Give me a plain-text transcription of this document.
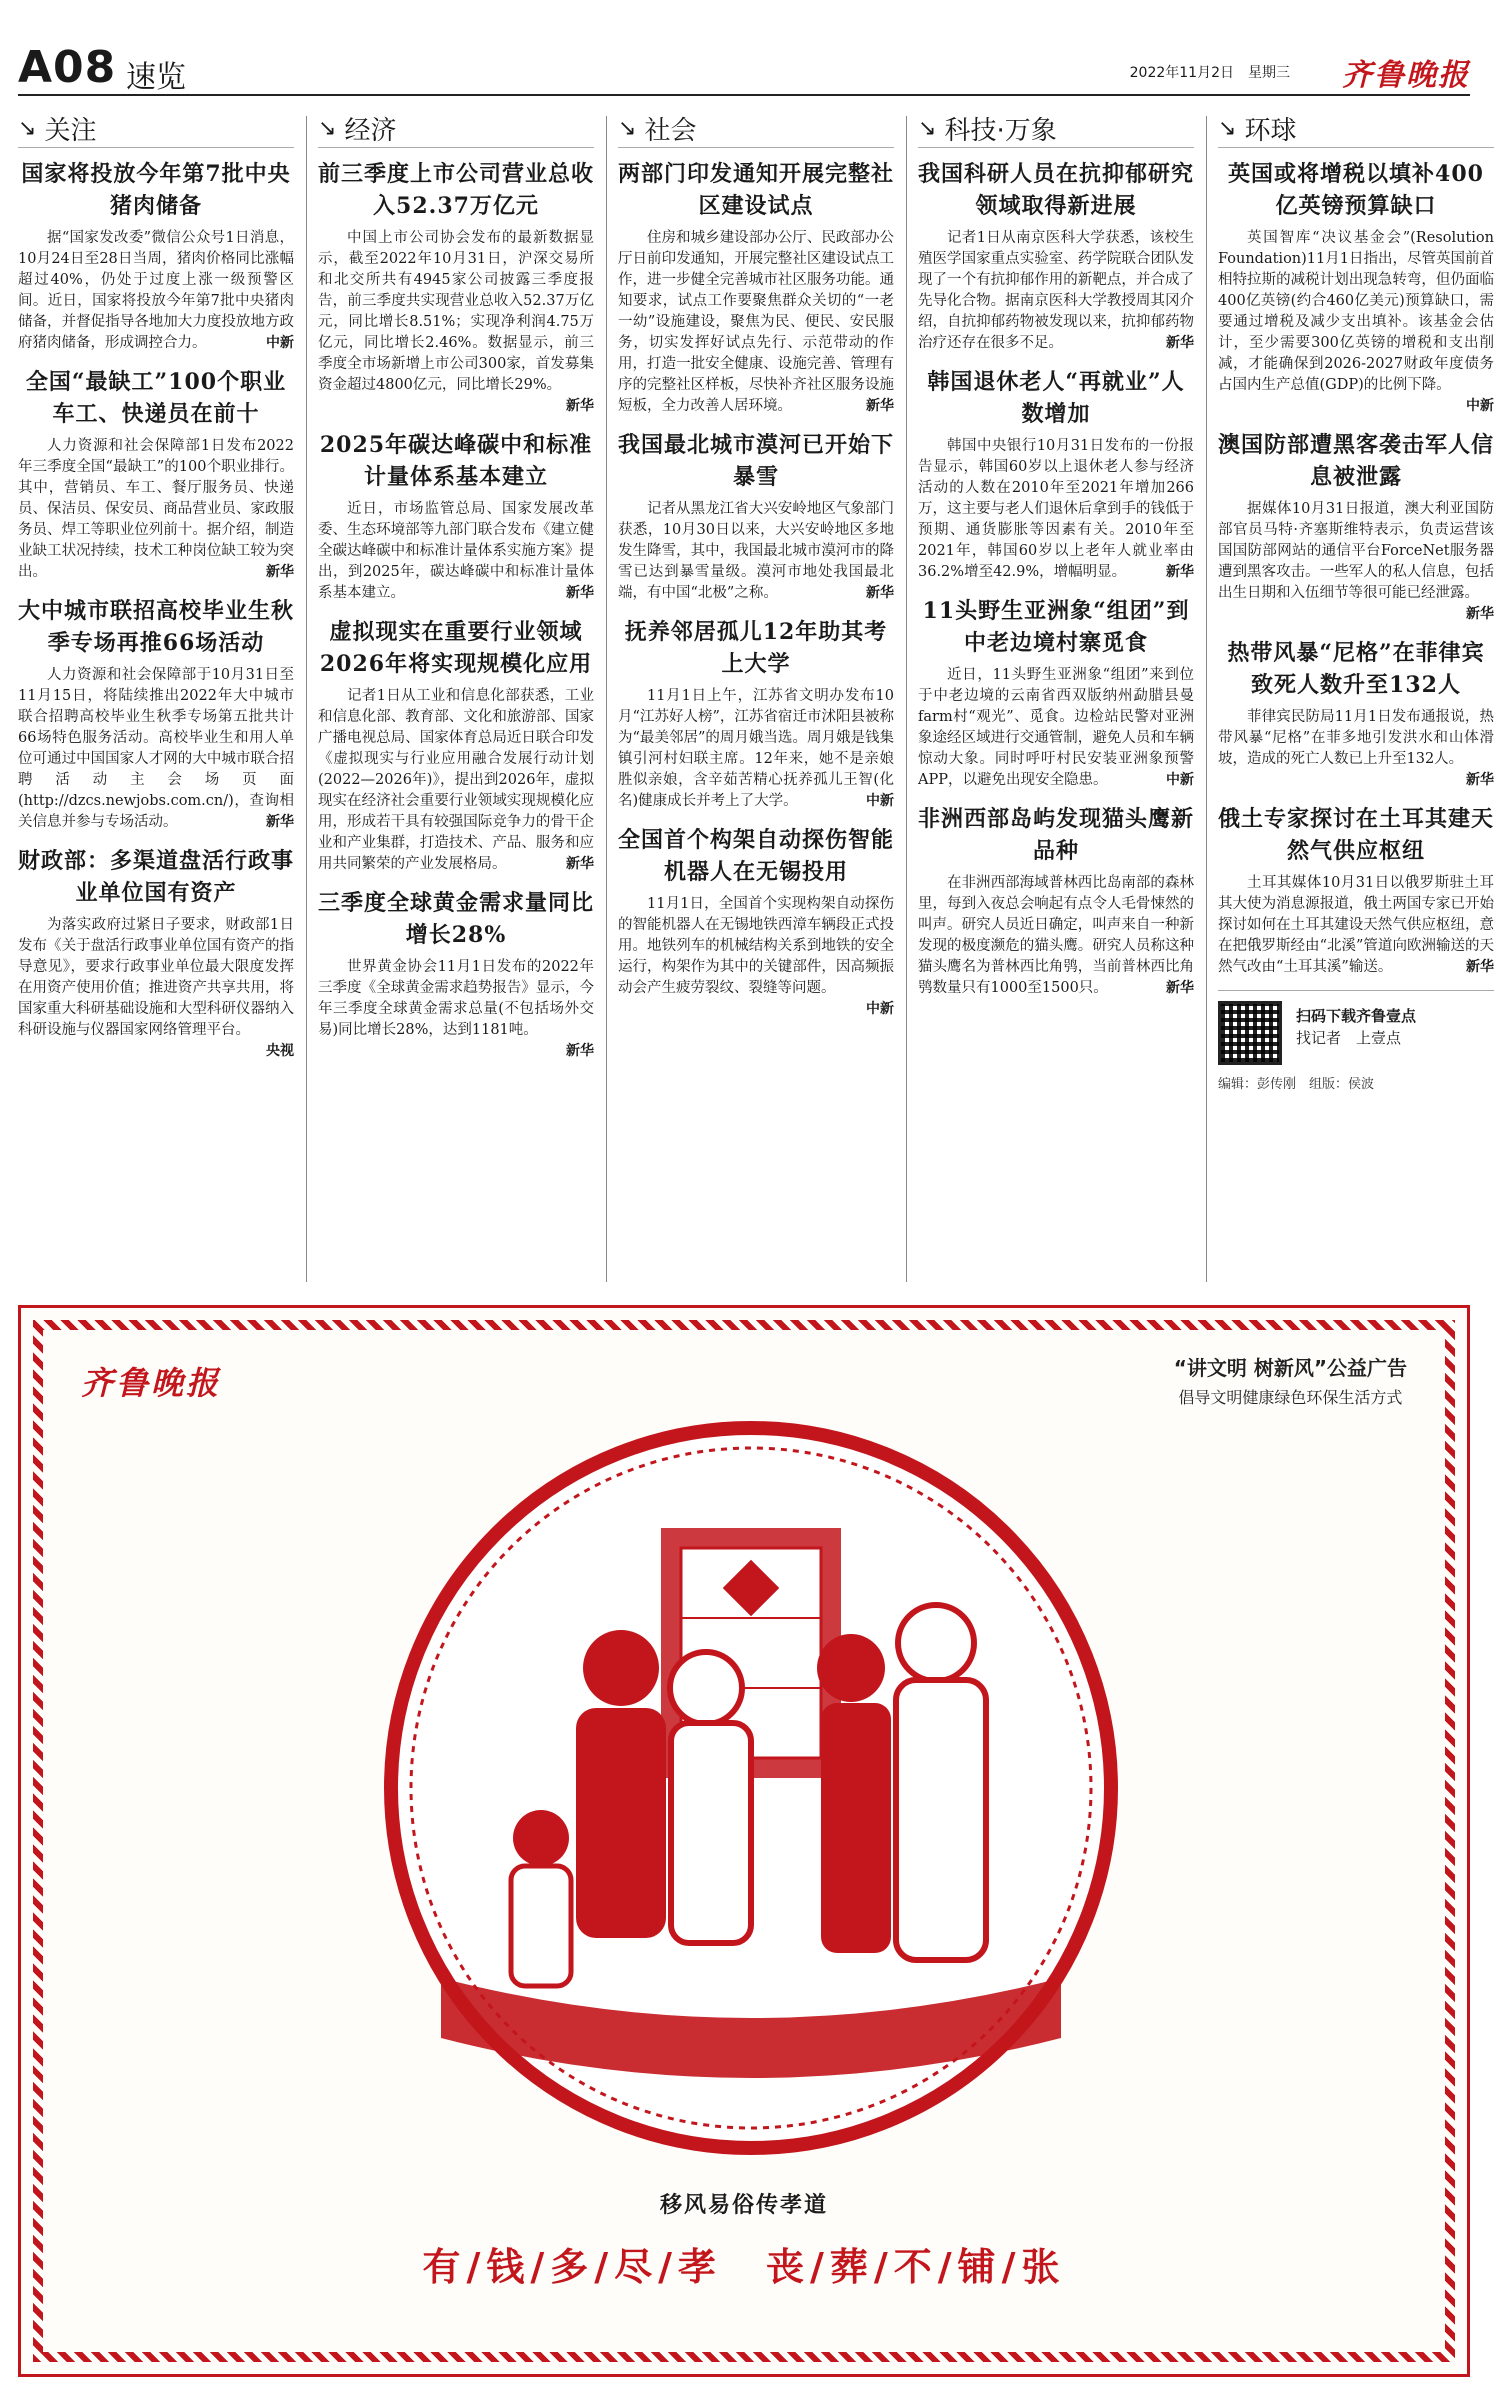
A08 速览	2022年11月2日　星期三 齐鲁晚报
↘ 关注
国家将投放今年第7批中央猪肉储备

据“国家发改委”微信公众号1日消息，10月24日至28日当周，猪肉价格同比涨幅超过40%，仍处于过度上涨一级预警区间。近日，国家将投放今年第7批中央猪肉储备，并督促指导各地加大力度投放地方政府猪肉储备，形成调控合力。	中新

全国“最缺工”100个职业 车工、快递员在前十

人力资源和社会保障部1日发布2022年三季度全国“最缺工”的100个职业排行。其中，营销员、车工、餐厅服务员、快递员、保洁员、保安员、商品营业员、家政服务员、焊工等职业位列前十。据介绍，制造业缺工状况持续，技术工种岗位缺工较为突出。	新华

大中城市联招高校毕业生秋季专场再推66场活动

人力资源和社会保障部于10月31日至11月15日，将陆续推出2022年大中城市联合招聘高校毕业生秋季专场第五批共计66场特色服务活动。高校毕业生和用人单位可通过中国国家人才网的大中城市联合招聘活动主会场页面(http://dzcs.newjobs.com.cn/)，查询相关信息并参与专场活动。	新华

财政部：多渠道盘活行政事业单位国有资产

为落实政府过紧日子要求，财政部1日发布《关于盘活行政事业单位国有资产的指导意见》，要求行政事业单位最大限度发挥在用资产使用价值；推进资产共享共用，将国家重大科研基础设施和大型科研仪器纳入科研设施与仪器国家网络管理平台。
央视

↘ 经济
前三季度上市公司营业总收入52.37万亿元

中国上市公司协会发布的最新数据显示，截至2022年10月31日，沪深交易所和北交所共有4945家公司披露三季度报告，前三季度共实现营业总收入52.37万亿元，同比增长8.51%；实现净利润4.75万亿元，同比增长2.46%。数据显示，前三季度全市场新增上市公司300家，首发募集资金超过4800亿元，同比增长29%。
新华

2025年碳达峰碳中和标准计量体系基本建立

近日，市场监管总局、国家发展改革委、生态环境部等九部门联合发布《建立健全碳达峰碳中和标准计量体系实施方案》提出，到2025年，碳达峰碳中和标准计量体系基本建立。	新华

虚拟现实在重要行业领域2026年将实现规模化应用

记者1日从工业和信息化部获悉，工业和信息化部、教育部、文化和旅游部、国家广播电视总局、国家体育总局近日联合印发《虚拟现实与行业应用融合发展行动计划(2022—2026年)》，提出到2026年，虚拟现实在经济社会重要行业领域实现规模化应用，形成若干具有较强国际竞争力的骨干企业和产业集群，打造技术、产品、服务和应用共同繁荣的产业发展格局。	新华

三季度全球黄金需求量同比增长28%

世界黄金协会11月1日发布的2022年三季度《全球黄金需求趋势报告》显示，今年三季度全球黄金需求总量(不包括场外交易)同比增长28%，达到1181吨。
新华

↘ 社会
两部门印发通知开展完整社区建设试点

住房和城乡建设部办公厅、民政部办公厅日前印发通知，开展完整社区建设试点工作，进一步健全完善城市社区服务功能。通知要求，试点工作要聚焦群众关切的“一老一幼”设施建设，聚焦为民、便民、安民服务，切实发挥好试点先行、示范带动的作用，打造一批安全健康、设施完善、管理有序的完整社区样板，尽快补齐社区服务设施短板，全力改善人居环境。	新华

我国最北城市漠河已开始下暴雪

记者从黑龙江省大兴安岭地区气象部门获悉，10月30日以来，大兴安岭地区多地发生降雪，其中，我国最北城市漠河市的降雪已达到暴雪量级。漠河市地处我国最北端，有中国“北极”之称。	新华

抚养邻居孤儿12年助其考上大学

11月1日上午，江苏省文明办发布10月“江苏好人榜”，江苏省宿迁市沭阳县被称为“最美邻居”的周月娥当选。周月娥是钱集镇引河村妇联主席。12年来，她不是亲娘胜似亲娘，含辛茹苦精心抚养孤儿王智(化名)健康成长并考上了大学。	中新

全国首个构架自动探伤智能机器人在无锡投用

11月1日，全国首个实现构架自动探伤的智能机器人在无锡地铁西漳车辆段正式投用。地铁列车的机械结构关系到地铁的安全运行，构架作为其中的关键部件，因高频振动会产生疲劳裂纹、裂缝等问题。
中新

↘ 科技·万象
我国科研人员在抗抑郁研究领域取得新进展

记者1日从南京医科大学获悉，该校生殖医学国家重点实验室、药学院联合团队发现了一个有抗抑郁作用的新靶点，并合成了先导化合物。据南京医科大学教授周其冈介绍，自抗抑郁药物被发现以来，抗抑郁药物治疗还存在很多不足。	新华

韩国退休老人“再就业”人数增加

韩国中央银行10月31日发布的一份报告显示，韩国60岁以上退休老人参与经济活动的人数在2010年至2021年增加266万，这主要与老人们退休后拿到手的钱低于预期、通货膨胀等因素有关。2010年至2021年，韩国60岁以上老年人就业率由36.2%增至42.9%，增幅明显。	新华

11头野生亚洲象“组团”到中老边境村寨觅食

近日，11头野生亚洲象“组团”来到位于中老边境的云南省西双版纳州勐腊县曼farm村“观光”、觅食。边检站民警对亚洲象途经区域进行交通管制，避免人员和车辆惊动大象。同时呼吁村民安装亚洲象预警APP，以避免出现安全隐患。	中新

非洲西部岛屿发现猫头鹰新品种

在非洲西部海域普林西比岛南部的森林里，每到入夜总会响起有点令人毛骨悚然的叫声。研究人员近日确定，叫声来自一种新发现的极度濒危的猫头鹰。研究人员称这种猫头鹰名为普林西比角鸮，当前普林西比角鸮数量只有1000至1500只。	新华

↘ 环球
英国或将增税以填补400亿英镑预算缺口

英国智库“决议基金会”(Resolution Foundation)11月1日指出，尽管英国前首相特拉斯的减税计划出现急转弯，但仍面临400亿英镑(约合460亿美元)预算缺口，需要通过增税及减少支出填补。该基金会估计，至少需要300亿英镑的增税和支出削减，才能确保到2026-2027财政年度债务占国内生产总值(GDP)的比例下降。
中新

澳国防部遭黑客袭击军人信息被泄露

据媒体10月31日报道，澳大利亚国防部官员马特·齐塞斯维特表示，负责运营该国国防部网站的通信平台ForceNet服务器遭到黑客攻击。一些军人的私人信息，包括出生日期和入伍细节等很可能已经泄露。
新华

热带风暴“尼格”在菲律宾致死人数升至132人

菲律宾民防局11月1日发布通报说，热带风暴“尼格”在菲多地引发洪水和山体滑坡，造成的死亡人数已上升至132人。
新华

俄土专家探讨在土耳其建天然气供应枢纽

土耳其媒体10月31日以俄罗斯驻土耳其大使为消息源报道，俄土两国专家已开始探讨如何在土耳其建设天然气供应枢纽，意在把俄罗斯经由“北溪”管道向欧洲输送的天然气改由“土耳其溪”输送。	新华

扫码下载齐鲁壹点
找记者　上壹点
编辑：彭传刚　组版：侯波
齐鲁晚报	“讲文明 树新风”公益广告
倡导文明健康绿色环保生活方式
移风易俗传孝道
有/钱/多/尽/孝　丧/葬/不/铺/张
